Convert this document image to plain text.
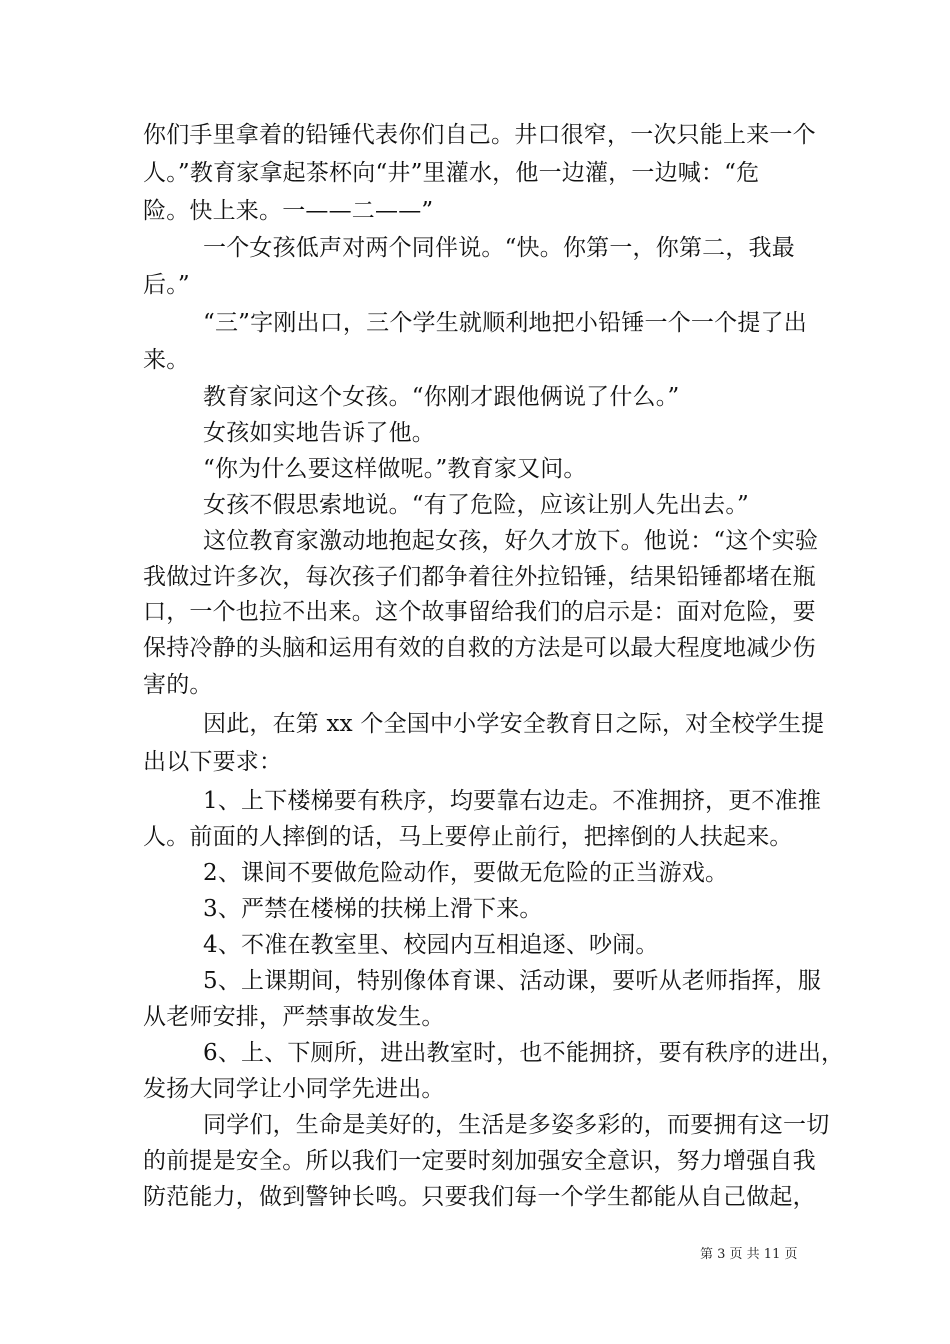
你们手里拿着的铅锤代表你们自己。井口很窄，一次只能上来一个
人。”教育家拿起茶杯向“井”里灌水，他一边灌，一边喊：“危
险。快上来。一——二——”
一个女孩低声对两个同伴说。“快。你第一，你第二，我最
后。”
“三”字刚出口，三个学生就顺利地把小铅锤一个一个提了出
来。
教育家问这个女孩。“你刚才跟他俩说了什么。”
女孩如实地告诉了他。
“你为什么要这样做呢。”教育家又问。
女孩不假思索地说。“有了危险，应该让别人先出去。”
这位教育家激动地抱起女孩，好久才放下。他说：“这个实验
我做过许多次，每次孩子们都争着往外拉铅锤，结果铅锤都堵在瓶
口，一个也拉不出来。这个故事留给我们的启示是：面对危险，要
保持冷静的头脑和运用有效的自救的方法是可以最大程度地减少伤
害的。
因此，在第 xx 个全国中小学安全教育日之际，对全校学生提
出以下要求：
1、上下楼梯要有秩序，均要靠右边走。不准拥挤，更不准推
人。前面的人摔倒的话，马上要停止前行，把摔倒的人扶起来。
2、课间不要做危险动作，要做无危险的正当游戏。
3、严禁在楼梯的扶梯上滑下来。
4、不准在教室里、校园内互相追逐、吵闹。
5、上课期间，特别像体育课、活动课，要听从老师指挥，服
从老师安排，严禁事故发生。
6、上、下厕所，进出教室时，也不能拥挤，要有秩序的进出，
发扬大同学让小同学先进出。
同学们，生命是美好的，生活是多姿多彩的，而要拥有这一切
的前提是安全。所以我们一定要时刻加强安全意识，努力增强自我
防范能力，做到警钟长鸣。只要我们每一个学生都能从自己做起，
第 3 页 共 11 页
